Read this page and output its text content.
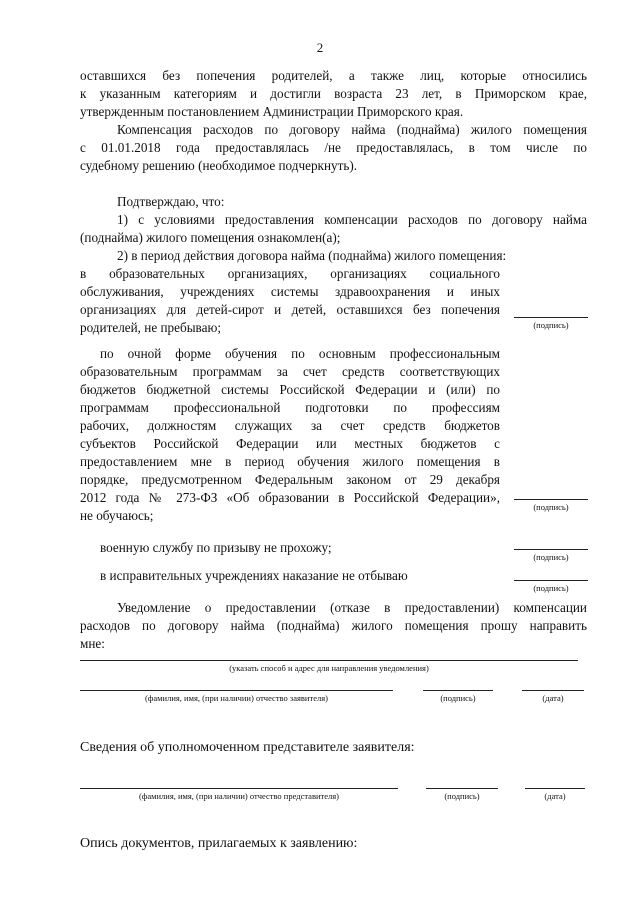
2
оставшихся без попечения родителей, а также лиц, которые относились
к указанным категориям и достигли возраста 23 лет, в Приморском крае,
утвержденным постановлением Администрации Приморского края.
Компенсация расходов по договору найма (поднайма) жилого помещения
с 01.01.2018 года предоставлялась /не предоставлялась, в том числе по
судебному решению (необходимое подчеркнуть).
Подтверждаю, что:
1) с условиями предоставления компенсации расходов по договору найма
(поднайма) жилого помещения ознакомлен(а);
2) в период действия договора найма (поднайма) жилого помещения:
в образовательных организациях, организациях социального
обслуживания, учреждениях системы здравоохранения и иных
организациях для детей-сирот и детей, оставшихся без попечения
родителей, не пребываю;	(подпись)
по очной форме обучения по основным профессиональным
образовательным программам за счет средств соответствующих
бюджетов бюджетной системы Российской Федерации и (или) по
программам профессиональной подготовки по профессиям
рабочих, должностям служащих за счет средств бюджетов
субъектов Российской Федерации или местных бюджетов с
предоставлением мне в период обучения жилого помещения в
порядке, предусмотренном Федеральным законом от 29 декабря
2012 года № 273-ФЗ «Об образовании в Российской Федерации»,
не обучаюсь;
(подпись)
военную службу по призыву не прохожу;
(подпись)
в исправительных учреждениях наказание не отбываю
(подпись)
Уведомление о предоставлении (отказе в предоставлении) компенсации
расходов по договору найма (поднайма) жилого помещения прошу направить
мне:
(указать способ и адрес для направления уведомления)
(фамилия, имя, (при наличии) отчество заявителя)	(подпись)	(дата)
Сведения об уполномоченном представителе заявителя:
(фамилия, имя, (при наличии) отчество представителя)	(подпись)	(дата)
Опись документов, прилагаемых к заявлению:
